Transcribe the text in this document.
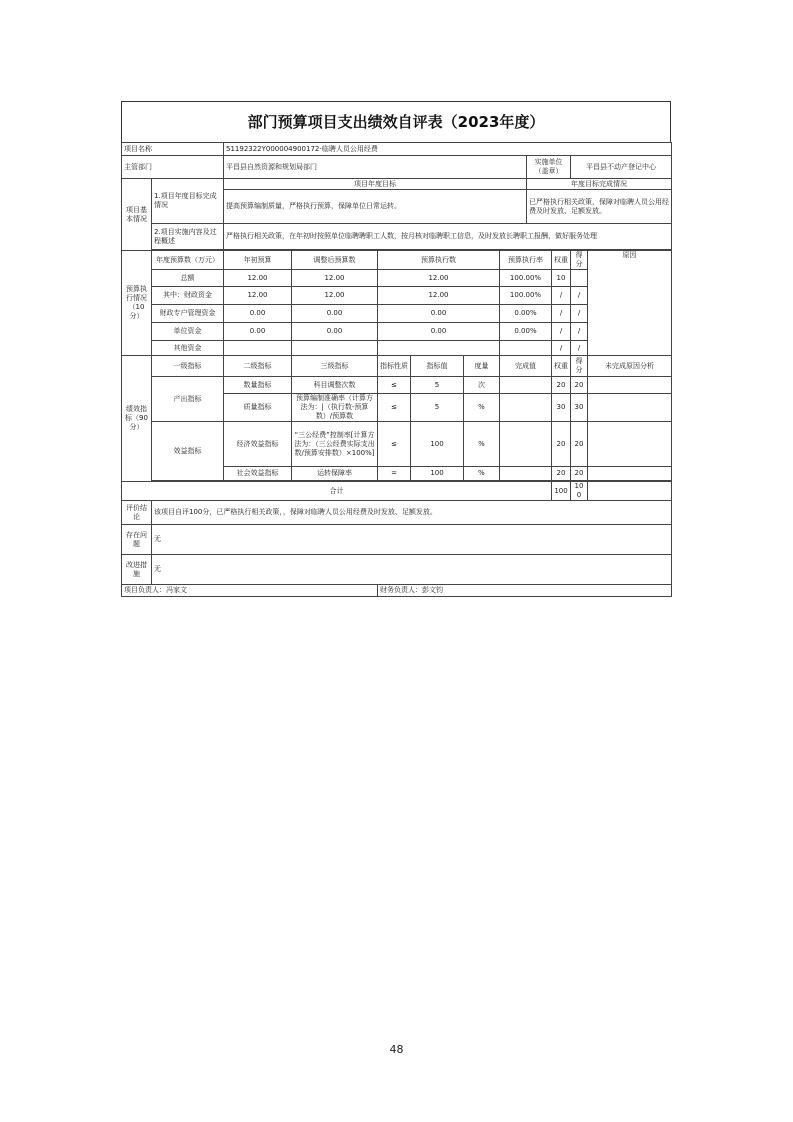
部门预算项目支出绩效自评表（2023年度）
项目名称		51192322Y000004900172-临聘人员公用经费									
主管部门		平昌县自然资源和规划局部门						实施单位（盖章）		平昌县不动产登记中心	
项目基本情况	1.项目年度目标完成情况	项目年度目标						年度目标完成情况			
		提高预算编制质量，严格执行预算，保障单位日常运转。						已严格执行相关政策，保障对临聘人员公用经费及时发放、足额发放。			
	2.项目实施内容及过程概述	严格执行相关政策，在年初时按照单位临聘聘职工人数，按月核对临聘职工信息，及时发放长聘职工报酬，做好服务处理									

预算执行情况（10分）	年度预算数（万元）	年初预算	调整后预算数	预算执行数			预算执行率		权重	得分	原因
	总额	12.00	12.00	12.00			100.00%		10		
	其中：财政资金	12.00	12.00	12.00			100.00%		/	/	
	财政专户管理资金	0.00	0.00	0.00			0.00%		/	/	
	单位资金	0.00	0.00	0.00			0.00%		/	/	
	其他资金								/	/	
绩效指标（90分）	一级指标	二级指标	三级指标	指标性质	指标值	度量	完成值		权重	得分	未完成原因分析
	产出指标	数量指标	科目调整次数	≤	5	次			20	20	
		质量指标	预算编制准确率（计算方法为：|（执行数-预算数）/预算数	≤	5	%			30	30	
	效益指标	经济效益指标	“三公经费”控制率[计算方法为：（三公经费实际支出数/预算安排数）×100%]	≤	100	%			20	20	
		社会效益指标	运转保障率	=	100	%			20	20	

合计									100	100	
评价结论	该项目自评100分，已严格执行相关政策，，保障对临聘人员公用经费及时发放、足额发放。										
存在问题	无										
改进措施	无										
项目负责人：冯家文				财务负责人：彭文钧							
48
